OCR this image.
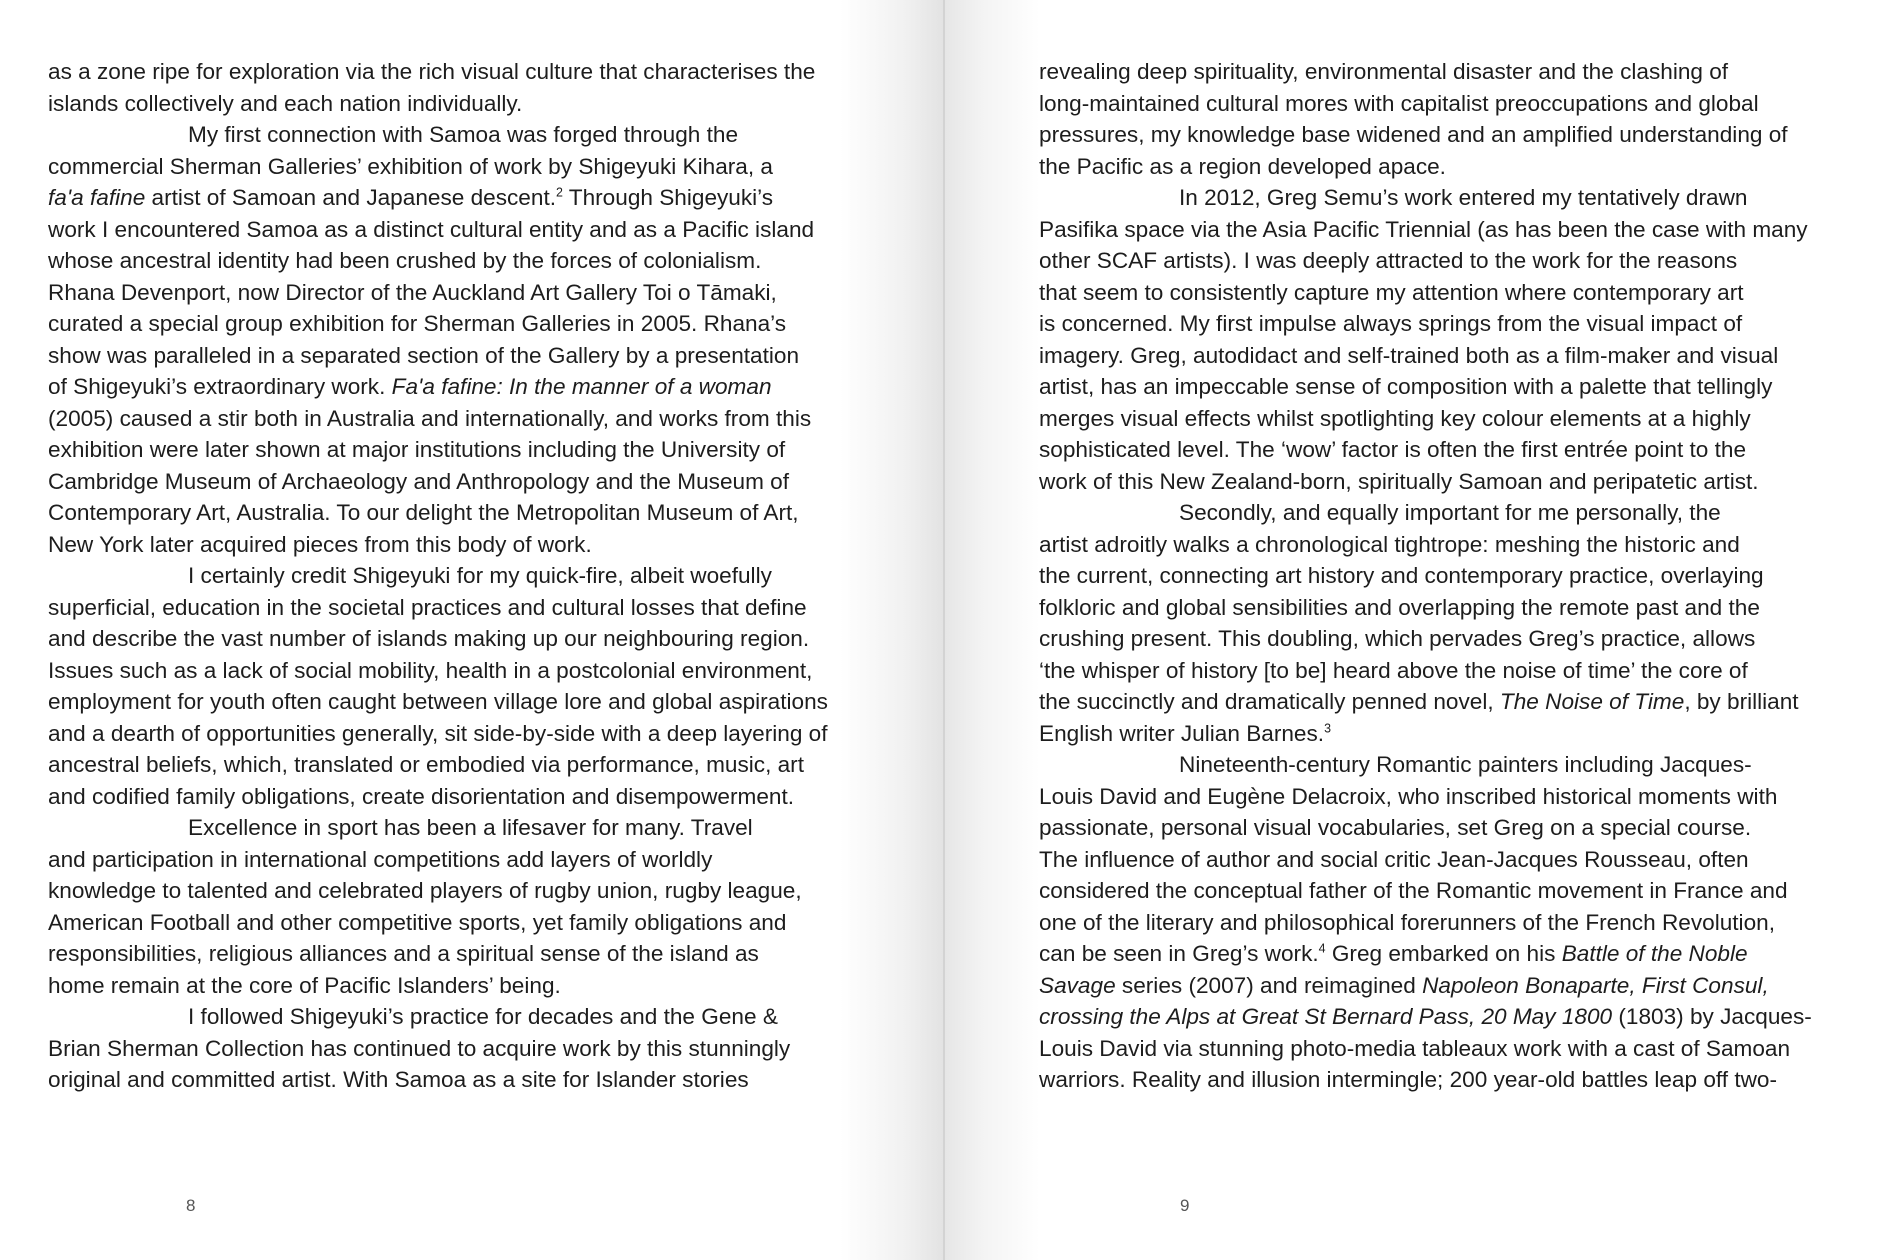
as a zone ripe for exploration via the rich visual culture that characterises the
islands collectively and each nation individually.
My first connection with Samoa was forged through the
commercial Sherman Galleries’ exhibition of work by Shigeyuki Kihara, a
fa'a fafine artist of Samoan and Japanese descent.$^2$ Through Shigeyuki’s
work I encountered Samoa as a distinct cultural entity and as a Pacific island
whose ancestral identity had been crushed by the forces of colonialism.
Rhana Devenport, now Director of the Auckland Art Gallery Toi o Tāmaki,
curated a special group exhibition for Sherman Galleries in 2005. Rhana’s
show was paralleled in a separated section of the Gallery by a presentation
of Shigeyuki’s extraordinary work. Fa'a fafine: In the manner of a woman
(2005) caused a stir both in Australia and internationally, and works from this
exhibition were later shown at major institutions including the University of
Cambridge Museum of Archaeology and Anthropology and the Museum of
Contemporary Art, Australia. To our delight the Metropolitan Museum of Art,
New York later acquired pieces from this body of work.
I certainly credit Shigeyuki for my quick-fire, albeit woefully
superficial, education in the societal practices and cultural losses that define
and describe the vast number of islands making up our neighbouring region.
Issues such as a lack of social mobility, health in a postcolonial environment,
employment for youth often caught between village lore and global aspirations
and a dearth of opportunities generally, sit side-by-side with a deep layering of
ancestral beliefs, which, translated or embodied via performance, music, art
and codified family obligations, create disorientation and disempowerment.
Excellence in sport has been a lifesaver for many. Travel
and participation in international competitions add layers of worldly
knowledge to talented and celebrated players of rugby union, rugby league,
American Football and other competitive sports, yet family obligations and
responsibilities, religious alliances and a spiritual sense of the island as
home remain at the core of Pacific Islanders’ being.
I followed Shigeyuki’s practice for decades and the Gene &
Brian Sherman Collection has continued to acquire work by this stunningly
original and committed artist. With Samoa as a site for Islander stories
8
revealing deep spirituality, environmental disaster and the clashing of
long-maintained cultural mores with capitalist preoccupations and global
pressures, my knowledge base widened and an amplified understanding of
the Pacific as a region developed apace.
In 2012, Greg Semu’s work entered my tentatively drawn
Pasifika space via the Asia Pacific Triennial (as has been the case with many
other SCAF artists). I was deeply attracted to the work for the reasons
that seem to consistently capture my attention where contemporary art
is concerned. My first impulse always springs from the visual impact of
imagery. Greg, autodidact and self-trained both as a film-maker and visual
artist, has an impeccable sense of composition with a palette that tellingly
merges visual effects whilst spotlighting key colour elements at a highly
sophisticated level. The ‘wow’ factor is often the first entrée point to the
work of this New Zealand-born, spiritually Samoan and peripatetic artist.
Secondly, and equally important for me personally, the
artist adroitly walks a chronological tightrope: meshing the historic and
the current, connecting art history and contemporary practice, overlaying
folkloric and global sensibilities and overlapping the remote past and the
crushing present. This doubling, which pervades Greg’s practice, allows
‘the whisper of history [to be] heard above the noise of time’ the core of
the succinctly and dramatically penned novel, The Noise of Time, by brilliant
English writer Julian Barnes.$^3$
Nineteenth-century Romantic painters including Jacques-
Louis David and Eugène Delacroix, who inscribed historical moments with
passionate, personal visual vocabularies, set Greg on a special course.
The influence of author and social critic Jean-Jacques Rousseau, often
considered the conceptual father of the Romantic movement in France and
one of the literary and philosophical forerunners of the French Revolution,
can be seen in Greg’s work.$^4$ Greg embarked on his Battle of the Noble
Savage series (2007) and reimagined Napoleon Bonaparte, First Consul,
crossing the Alps at Great St Bernard Pass, 20 May 1800 (1803) by Jacques-
Louis David via stunning photo-media tableaux work with a cast of Samoan
warriors. Reality and illusion intermingle; 200 year-old battles leap off two-
9
